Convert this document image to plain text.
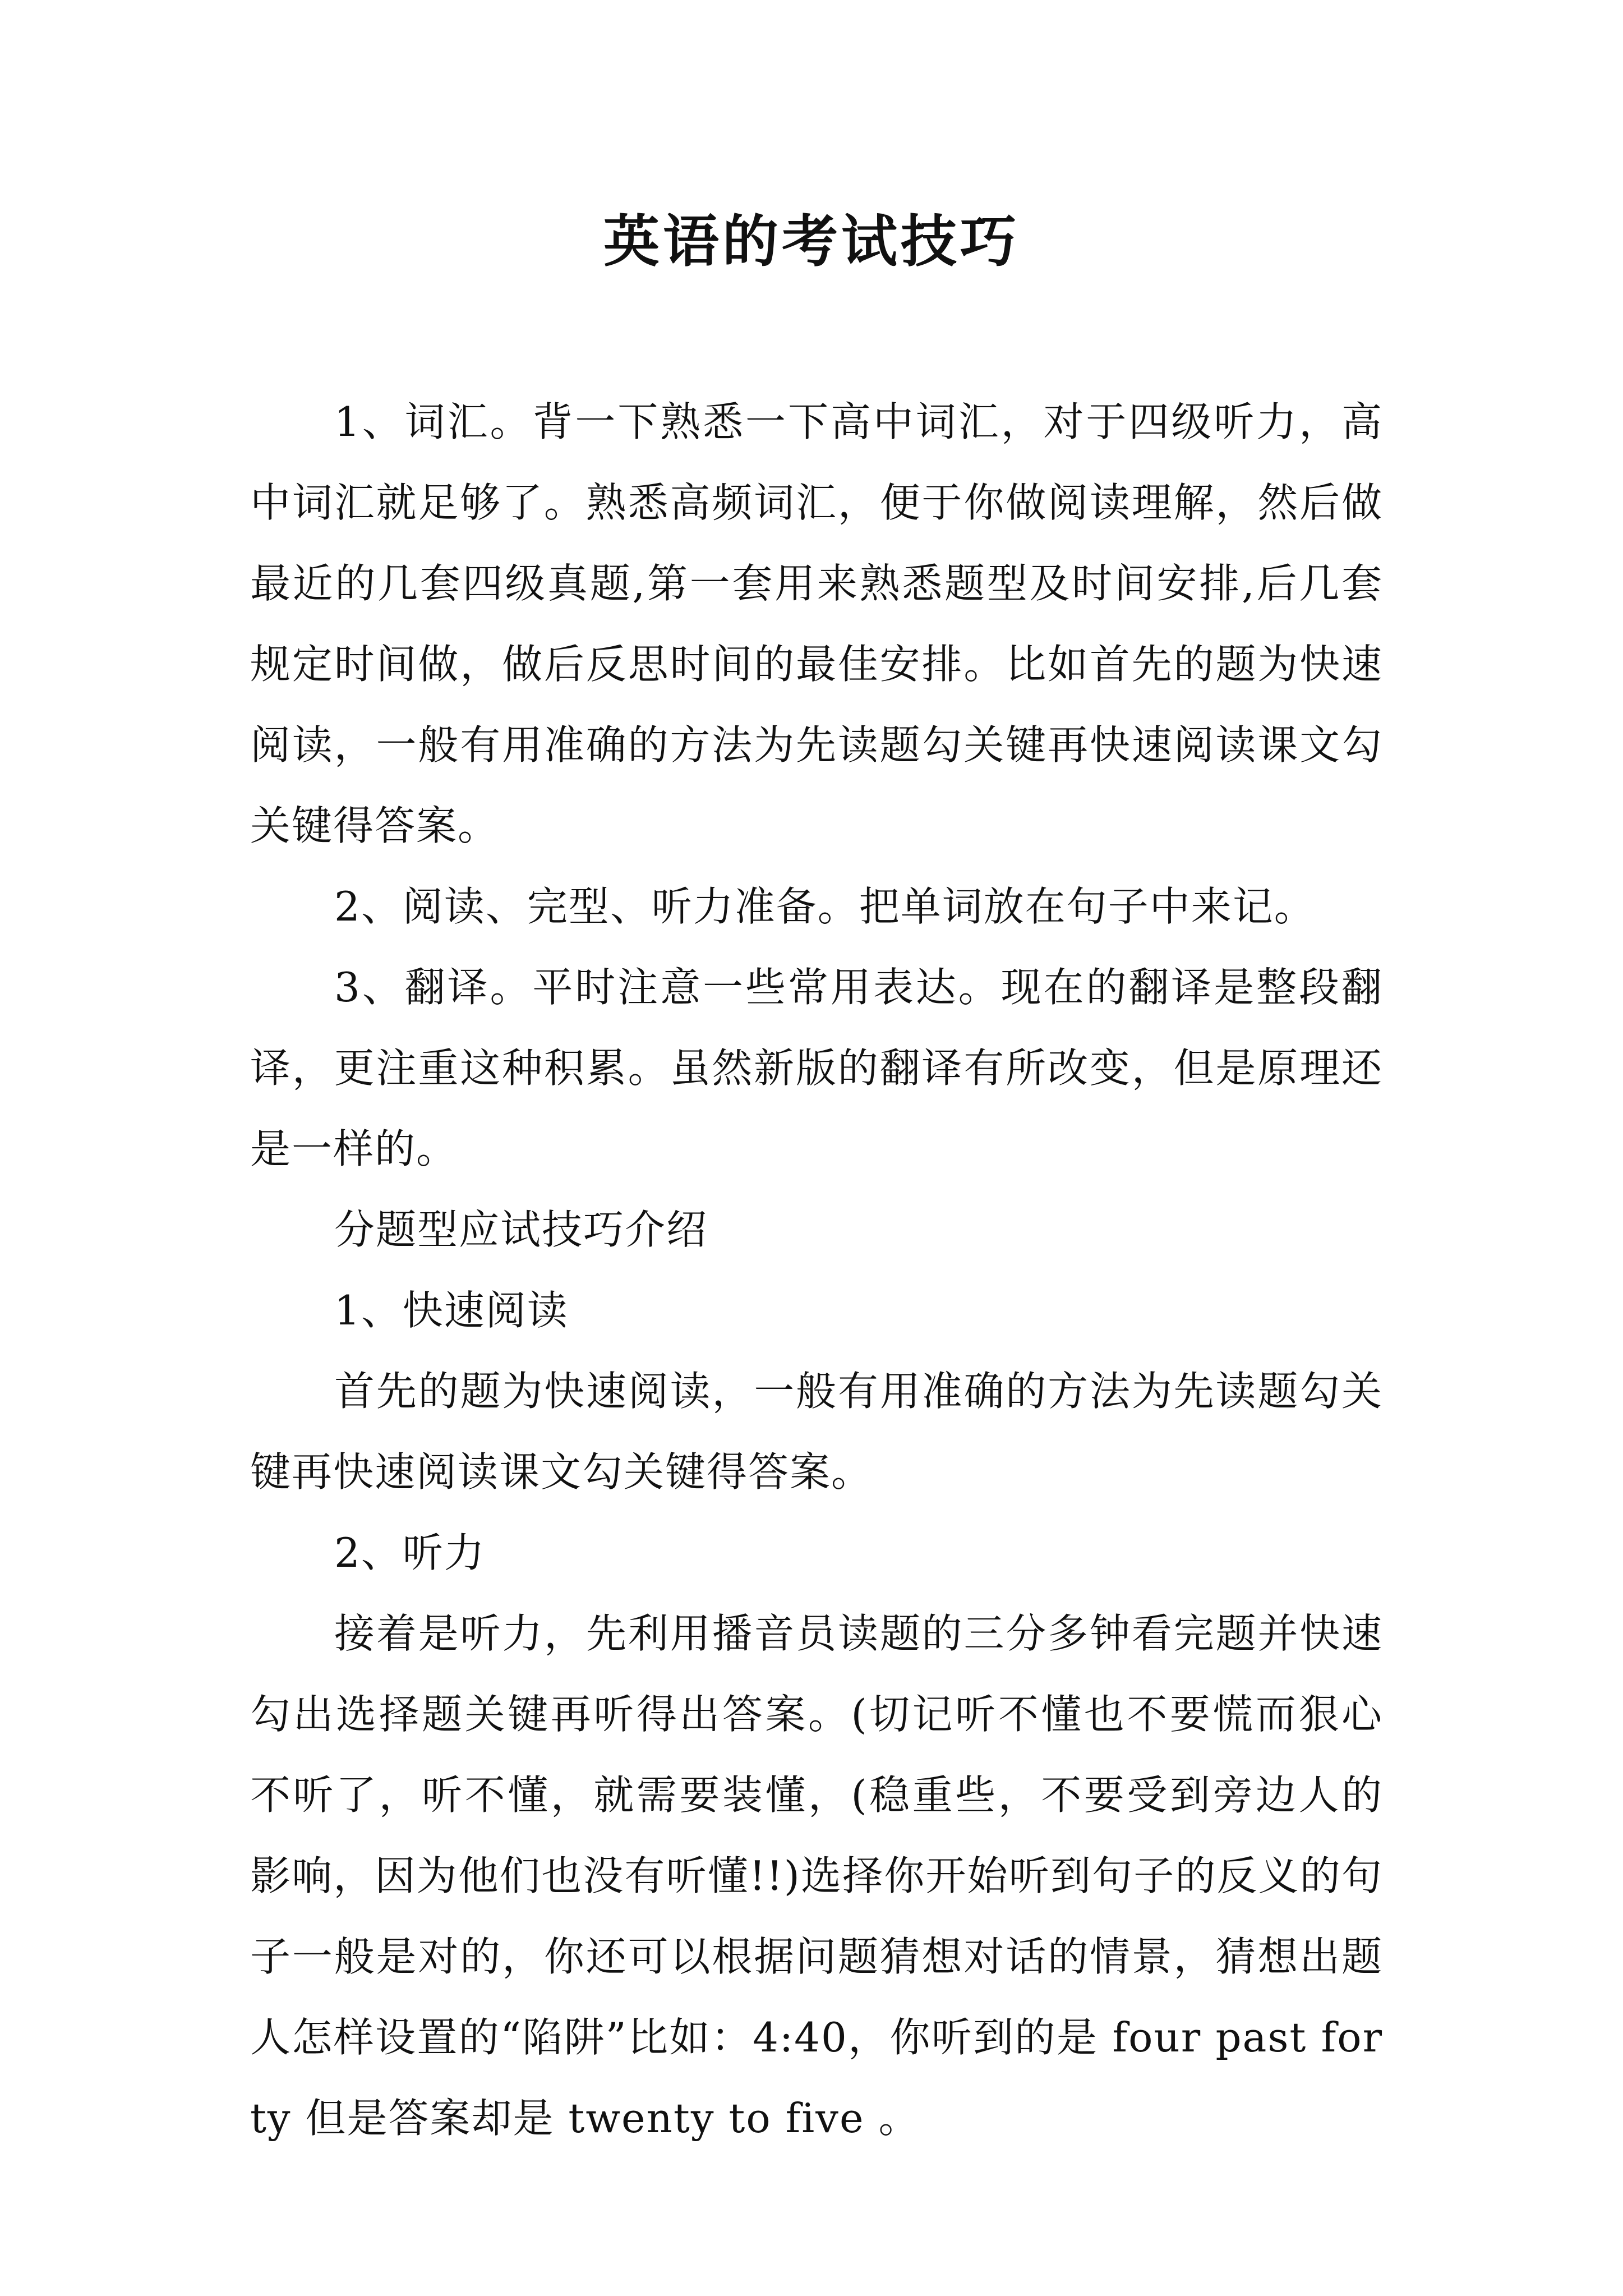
英语的考试技巧

1、词汇。背一下熟悉一下高中词汇，对于四级听力，高中词汇就足够了。熟悉高频词汇，便于你做阅读理解，然后做最近的几套四级真题,第一套用来熟悉题型及时间安排,后几套规定时间做，做后反思时间的最佳安排。比如首先的题为快速阅读，一般有用准确的方法为先读题勾关键再快速阅读课文勾关键得答案。

2、阅读、完型、听力准备。把单词放在句子中来记。

3、翻译。平时注意一些常用表达。现在的翻译是整段翻译，更注重这种积累。虽然新版的翻译有所改变，但是原理还是一样的。

分题型应试技巧介绍

1、快速阅读

首先的题为快速阅读，一般有用准确的方法为先读题勾关键再快速阅读课文勾关键得答案。

2、听力

接着是听力，先利用播音员读题的三分多钟看完题并快速勾出选择题关键再听得出答案。(切记听不懂也不要慌而狠心不听了，听不懂，就需要装懂，(稳重些，不要受到旁边人的影响，因为他们也没有听懂!!)选择你开始听到句子的反义的句子一般是对的，你还可以根据问题猜想对话的情景，猜想出题人怎样设置的“陷阱”比如：4:40，你听到的是 four past forty 但是答案却是 twenty to five 。
